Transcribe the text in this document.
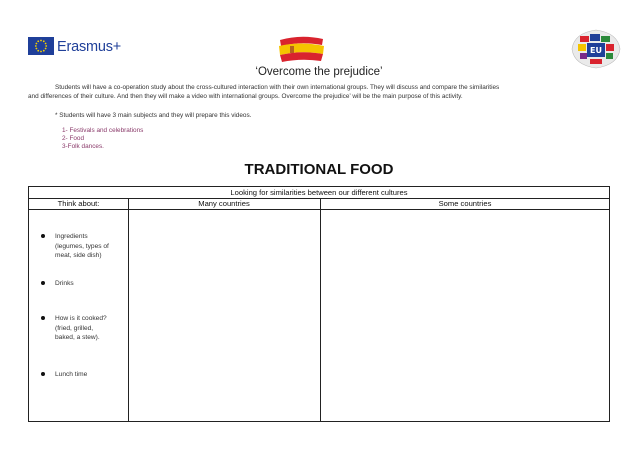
Erasmus+	EU
‘Overcome the prejudice’
Students will have a co-operation study about the cross-cultured interaction with their own international groups. They will discuss and compare the similarities
and differences of their culture. And then they will make a video with international groups. Overcome the prejudice’ will be the main purpose of this activity.
* Students will have 3 main subjects and they will prepare this videos.
1- Festivals and celebrations
2- Food
3-Folk dances.
TRADITIONAL FOOD
Looking for similarities between our different cultures
Think about:	Many countries	Some countries
Ingredients
(legumes, types of
meat, side dish)
Drinks
How is it cooked?
(fried, grilled,
baked, a stew).
Lunch time
